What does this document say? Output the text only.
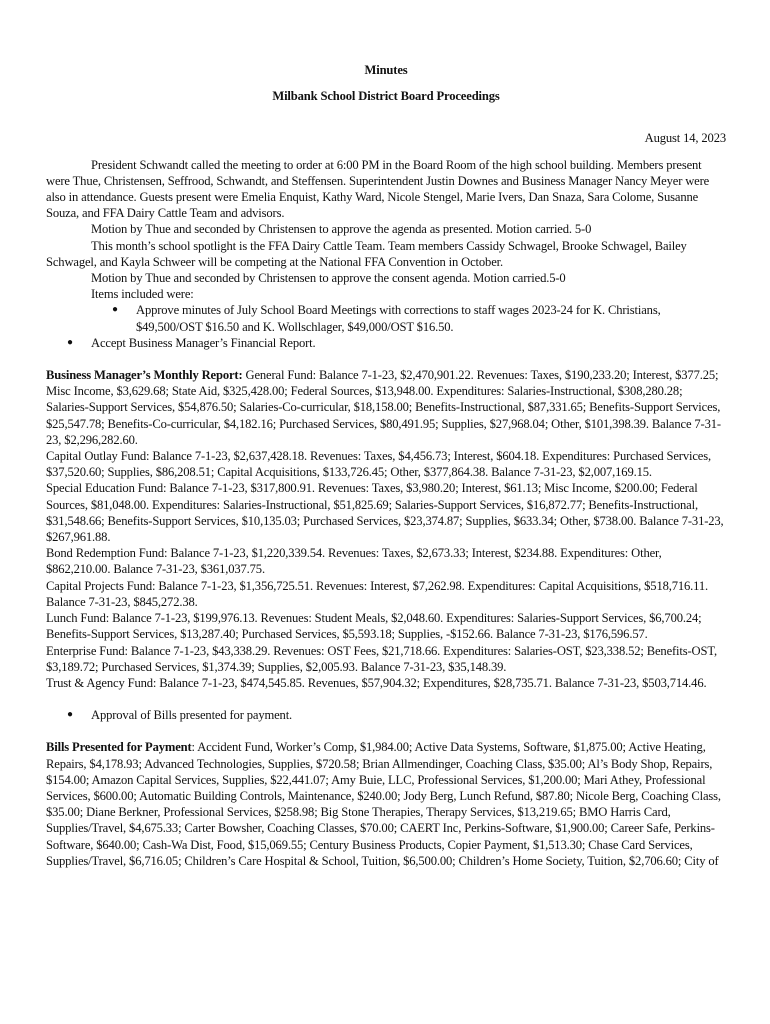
Minutes

Milbank School District Board Proceedings

August 14, 2023

President Schwandt called the meeting to order at 6:00 PM in the Board Room of the high school building. Members present were Thue, Christensen, Seffrood, Schwandt, and Steffensen. Superintendent Justin Downes and Business Manager Nancy Meyer were also in attendance. Guests present were Emelia Enquist, Kathy Ward, Nicole Stengel, Marie Ivers, Dan Snaza, Sara Colome, Susanne Souza, and FFA Dairy Cattle Team and advisors.

Motion by Thue and seconded by Christensen to approve the agenda as presented. Motion carried. 5-0

This month’s school spotlight is the FFA Dairy Cattle Team. Team members Cassidy Schwagel, Brooke Schwagel, Bailey Schwagel, and Kayla Schweer will be competing at the National FFA Convention in October.

Motion by Thue and seconded by Christensen to approve the consent agenda. Motion carried.5-0

Items included were:

● Approve minutes of July School Board Meetings with corrections to staff wages 2023-24 for K. Christians, $49,500/OST $16.50 and K. Wollschlager, $49,000/OST $16.50.
● Accept Business Manager’s Financial Report.

Business Manager’s Monthly Report: General Fund: Balance 7-1-23, $2,470,901.22. Revenues: Taxes, $190,233.20; Interest, $377.25; Misc Income, $3,629.68; State Aid, $325,428.00; Federal Sources, $13,948.00. Expenditures: Salaries-Instructional, $308,280.28; Salaries-Support Services, $54,876.50; Salaries-Co-curricular, $18,158.00; Benefits-Instructional, $87,331.65; Benefits-Support Services, $25,547.78; Benefits-Co-curricular, $4,182.16; Purchased Services, $80,491.95; Supplies, $27,968.04; Other, $101,398.39. Balance 7-31-23, $2,296,282.60.

Capital Outlay Fund: Balance 7-1-23, $2,637,428.18. Revenues: Taxes, $4,456.73; Interest, $604.18. Expenditures: Purchased Services, $37,520.60; Supplies, $86,208.51; Capital Acquisitions, $133,726.45; Other, $377,864.38. Balance 7-31-23, $2,007,169.15.

Special Education Fund: Balance 7-1-23, $317,800.91. Revenues: Taxes, $3,980.20; Interest, $61.13; Misc Income, $200.00; Federal Sources, $81,048.00. Expenditures: Salaries-Instructional, $51,825.69; Salaries-Support Services, $16,872.77; Benefits-Instructional, $31,548.66; Benefits-Support Services, $10,135.03; Purchased Services, $23,374.87; Supplies, $633.34; Other, $738.00. Balance 7-31-23, $267,961.88.

Bond Redemption Fund: Balance 7-1-23, $1,220,339.54. Revenues: Taxes, $2,673.33; Interest, $234.88. Expenditures: Other, $862,210.00. Balance 7-31-23, $361,037.75.

Capital Projects Fund: Balance 7-1-23, $1,356,725.51. Revenues: Interest, $7,262.98. Expenditures: Capital Acquisitions, $518,716.11. Balance 7-31-23, $845,272.38.

Lunch Fund: Balance 7-1-23, $199,976.13. Revenues: Student Meals, $2,048.60. Expenditures: Salaries-Support Services, $6,700.24; Benefits-Support Services, $13,287.40; Purchased Services, $5,593.18; Supplies, -$152.66. Balance 7-31-23, $176,596.57.

Enterprise Fund: Balance 7-1-23, $43,338.29. Revenues: OST Fees, $21,718.66. Expenditures: Salaries-OST, $23,338.52; Benefits-OST, $3,189.72; Purchased Services, $1,374.39; Supplies, $2,005.93. Balance 7-31-23, $35,148.39.

Trust & Agency Fund: Balance 7-1-23, $474,545.85. Revenues, $57,904.32; Expenditures, $28,735.71. Balance 7-31-23, $503,714.46.

● Approval of Bills presented for payment.

Bills Presented for Payment: Accident Fund, Worker’s Comp, $1,984.00; Active Data Systems, Software, $1,875.00; Active Heating, Repairs, $4,178.93; Advanced Technologies, Supplies, $720.58; Brian Allmendinger, Coaching Class, $35.00; Al’s Body Shop, Repairs, $154.00; Amazon Capital Services, Supplies, $22,441.07; Amy Buie, LLC, Professional Services, $1,200.00; Mari Athey, Professional Services, $600.00; Automatic Building Controls, Maintenance, $240.00; Jody Berg, Lunch Refund, $87.80; Nicole Berg, Coaching Class, $35.00; Diane Berkner, Professional Services, $258.98; Big Stone Therapies, Therapy Services, $13,219.65; BMO Harris Card, Supplies/Travel, $4,675.33; Carter Bowsher, Coaching Classes, $70.00; CAERT Inc, Perkins-Software, $1,900.00; Career Safe, Perkins-Software, $640.00; Cash-Wa Dist, Food, $15,069.55; Century Business Products, Copier Payment, $1,513.30; Chase Card Services, Supplies/Travel, $6,716.05; Children’s Care Hospital & School, Tuition, $6,500.00; Children’s Home Society, Tuition, $2,706.60; City of
